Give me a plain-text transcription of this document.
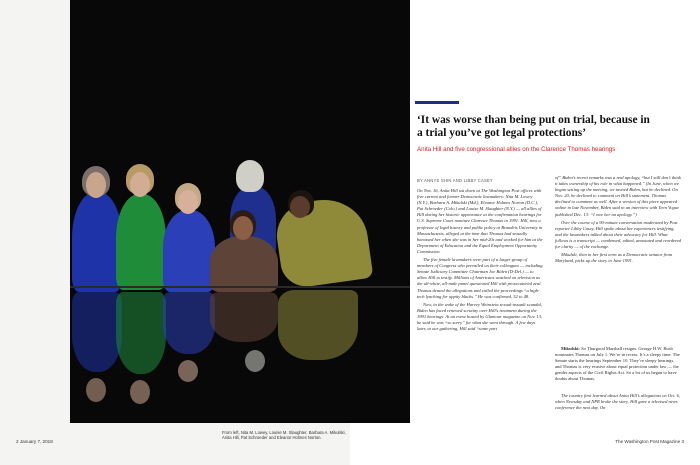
From left, Nita M. Lowey, Louise M. Slaughter, Barbara A. Mikulski, Anita Hill, Pat Schroeder and Eleanor Holmes Norton.
2 January 7, 2018	The Washington Post Magazine 3
‘It was worse than being put on trial, because in a trial you’ve got legal protections’
Anita Hill and five congressional allies on the Clarence Thomas hearings
BY ANNYS SHIN AND LIBBY CASEY

On Nov. 16, Anita Hill sat down at The Washington Post offices with five current and former Democratic lawmakers: Nita M. Lowey (N.Y.), Barbara A. Mikulski (Md.), Eleanor Holmes Norton (D.C.), Pat Schroeder (Colo.) and Louise M. Slaughter (N.Y.) — all allies of Hill during her historic appearance at the confirmation hearings for U.S. Supreme Court nominee Clarence Thomas in 1991. Hill, now a professor of legal history and public policy at Brandeis University in Massachusetts, alleged at the time that Thomas had sexually harassed her when she was in her mid-20s and worked for him at the Department of Education and the Equal Employment Opportunity Commission.

The five female lawmakers were part of a larger group of members of Congress who prevailed on their colleagues — including Senate Judiciary Committee Chairman Joe Biden (D-Del.) — to allow Hill to testify. Millions of Americans watched on television as the all-white, all-male panel questioned Hill with prosecutorial zeal. Thomas denied the allegations and called the proceedings “a high-tech lynching for uppity blacks.” He was confirmed, 52 to 48.

Now, in the wake of the Harvey Weinstein sexual-assault scandal, Biden has faced renewed scrutiny over Hill’s treatment during the 1991 hearings. At an event hosted by Glamour magazine on Nov. 13, he said he was “so sorry” for what she went through. A few days later, at our gathering, Hill said “some part

of” Biden’s recent remarks was a real apology, “but I still don’t think it takes ownership of his role in what happened.” (In June, when we began setting up the meeting, we invited Biden, but he declined. On Nov. 20, he declined to comment on Hill’s statement. Thomas declined to comment as well. After a version of this piece appeared online in late November, Biden said in an interview with Teen Vogue published Dec. 13: “I owe her an apology.”)

Over the course of a 90-minute conversation moderated by Post reporter Libby Casey, Hill spoke about her experiences testifying, and the lawmakers talked about their advocacy for Hill. What follows is a transcript — condensed, edited, annotated and reordered for clarity — of the exchange.

Mikulski, then in her first term as a Democratic senator from Maryland, picks up the story in June 1991.

Mikulski: So Thurgood Marshall resigns. George H.W. Bush nominates Thomas on July 1. We’re in recess. It’s a sleepy time. The Senate starts the hearings September 10. They’re sleepy hearings, and Thomas is very evasive about equal protection under law — the gender aspects of the Civil Rights Act. So a lot of us began to have doubts about Thomas.

The country first learned about Anita Hill’s allegations on Oct. 6, when Newsday and NPR broke the story. Hill gave a televised news conference the next day. On
